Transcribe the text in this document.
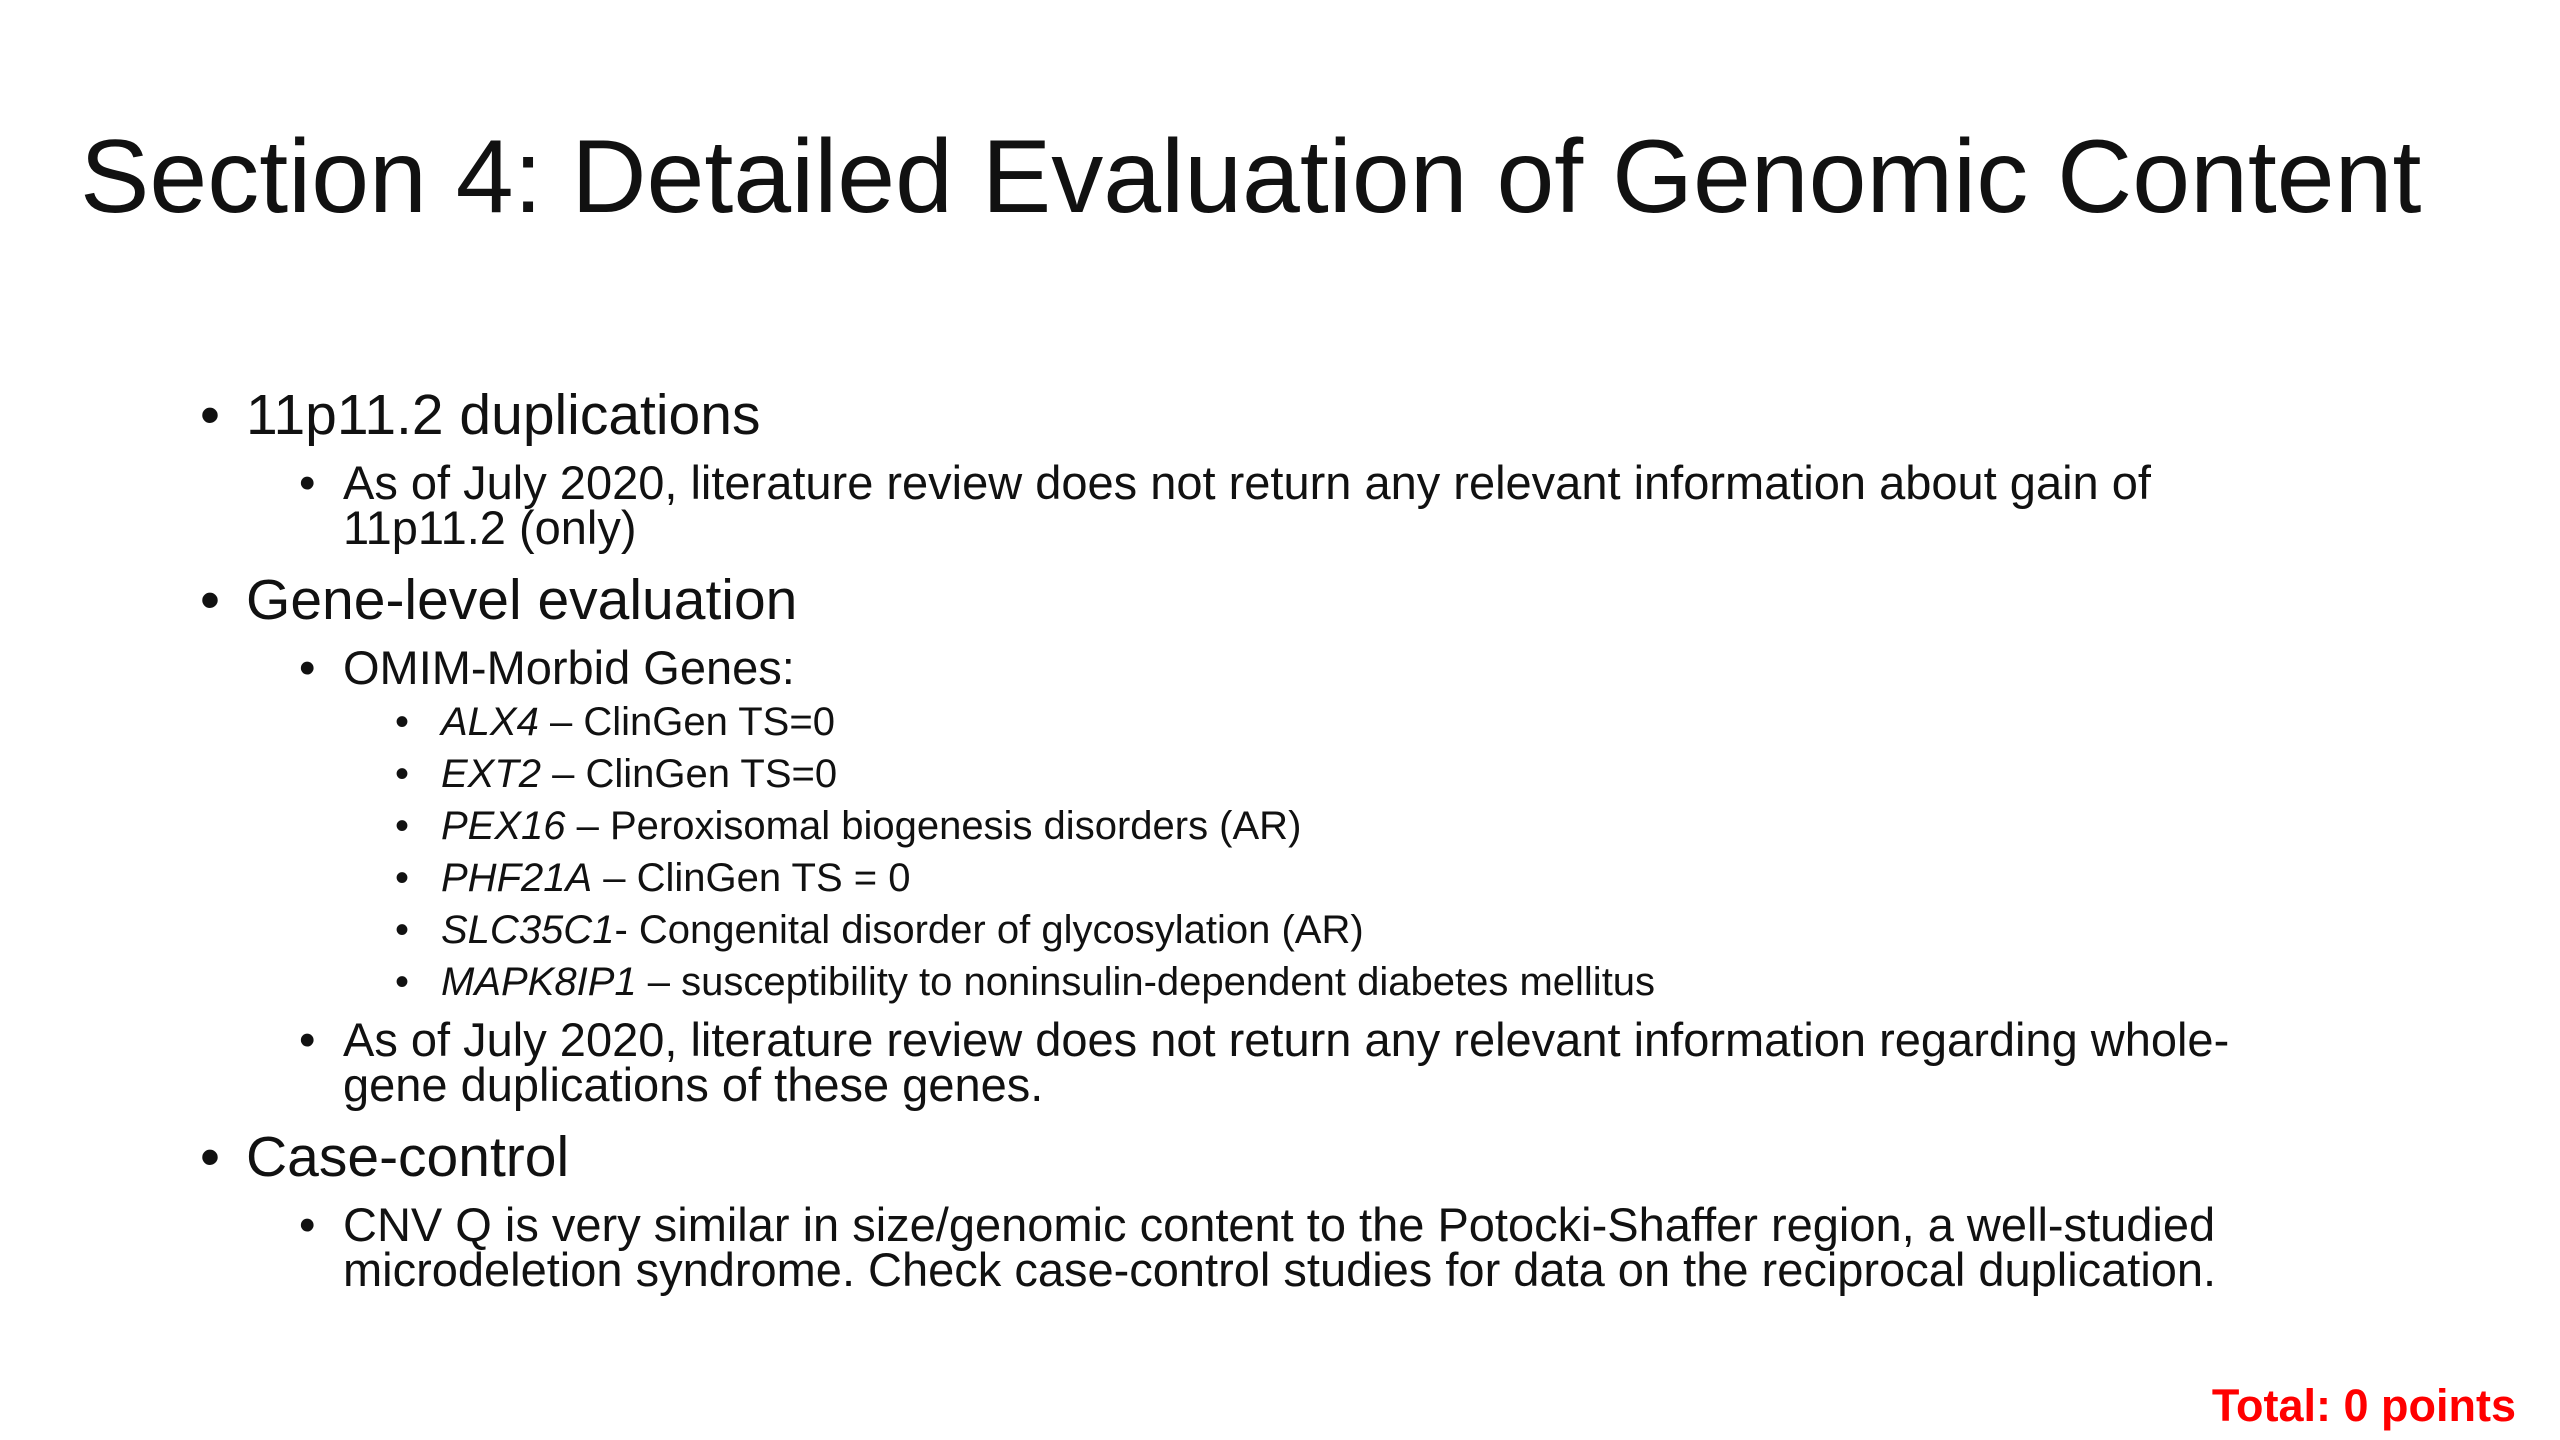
Section 4: Detailed Evaluation of Genomic Content
• 11p11.2 duplications
• As of July 2020, literature review does not return any relevant information about gain of
11p11.2 (only)
• Gene-level evaluation
• OMIM-Morbid Genes:
• ALX4 – ClinGen TS=0
• EXT2 – ClinGen TS=0
• PEX16 – Peroxisomal biogenesis disorders (AR)
• PHF21A – ClinGen TS = 0
• SLC35C1- Congenital disorder of glycosylation (AR)
• MAPK8IP1 – susceptibility to noninsulin-dependent diabetes mellitus
• As of July 2020, literature review does not return any relevant information regarding whole-
gene duplications of these genes.
• Case-control
• CNV Q is very similar in size/genomic content to the Potocki-Shaffer region, a well-studied
microdeletion syndrome. Check case-control studies for data on the reciprocal duplication.
Total: 0 points
